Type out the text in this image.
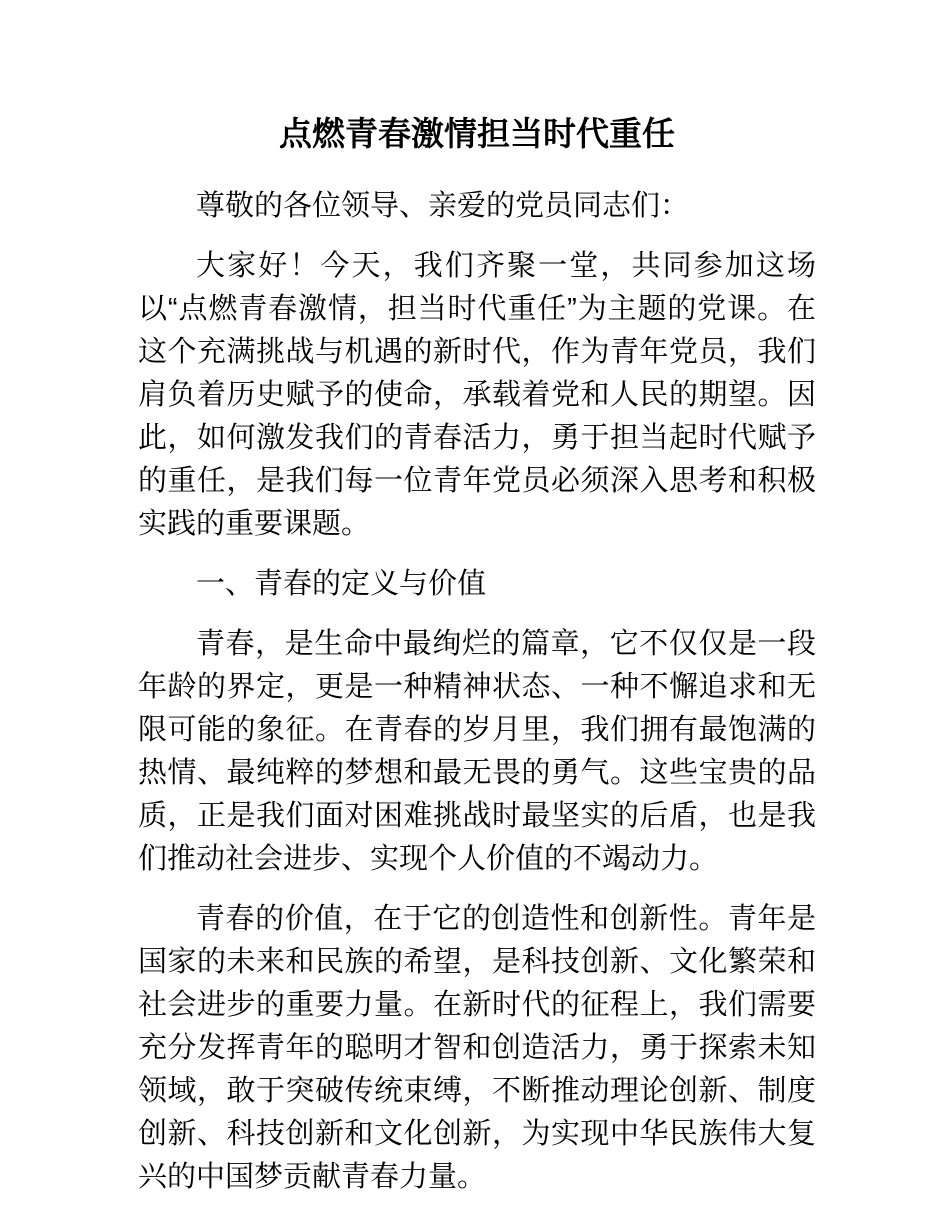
点燃青春激情担当时代重任

尊敬的各位领导、亲爱的党员同志们：

大家好！今天，我们齐聚一堂，共同参加这场以“点燃青春激情，担当时代重任”为主题的党课。在这个充满挑战与机遇的新时代，作为青年党员，我们肩负着历史赋予的使命，承载着党和人民的期望。因此，如何激发我们的青春活力，勇于担当起时代赋予的重任，是我们每一位青年党员必须深入思考和积极实践的重要课题。

一、青春的定义与价值

青春，是生命中最绚烂的篇章，它不仅仅是一段年龄的界定，更是一种精神状态、一种不懈追求和无限可能的象征。在青春的岁月里，我们拥有最饱满的热情、最纯粹的梦想和最无畏的勇气。这些宝贵的品质，正是我们面对困难挑战时最坚实的后盾，也是我们推动社会进步、实现个人价值的不竭动力。

青春的价值，在于它的创造性和创新性。青年是国家的未来和民族的希望，是科技创新、文化繁荣和社会进步的重要力量。在新时代的征程上，我们需要充分发挥青年的聪明才智和创造活力，勇于探索未知领域，敢于突破传统束缚，不断推动理论创新、制度创新、科技创新和文化创新，为实现中华民族伟大复兴的中国梦贡献青春力量。
